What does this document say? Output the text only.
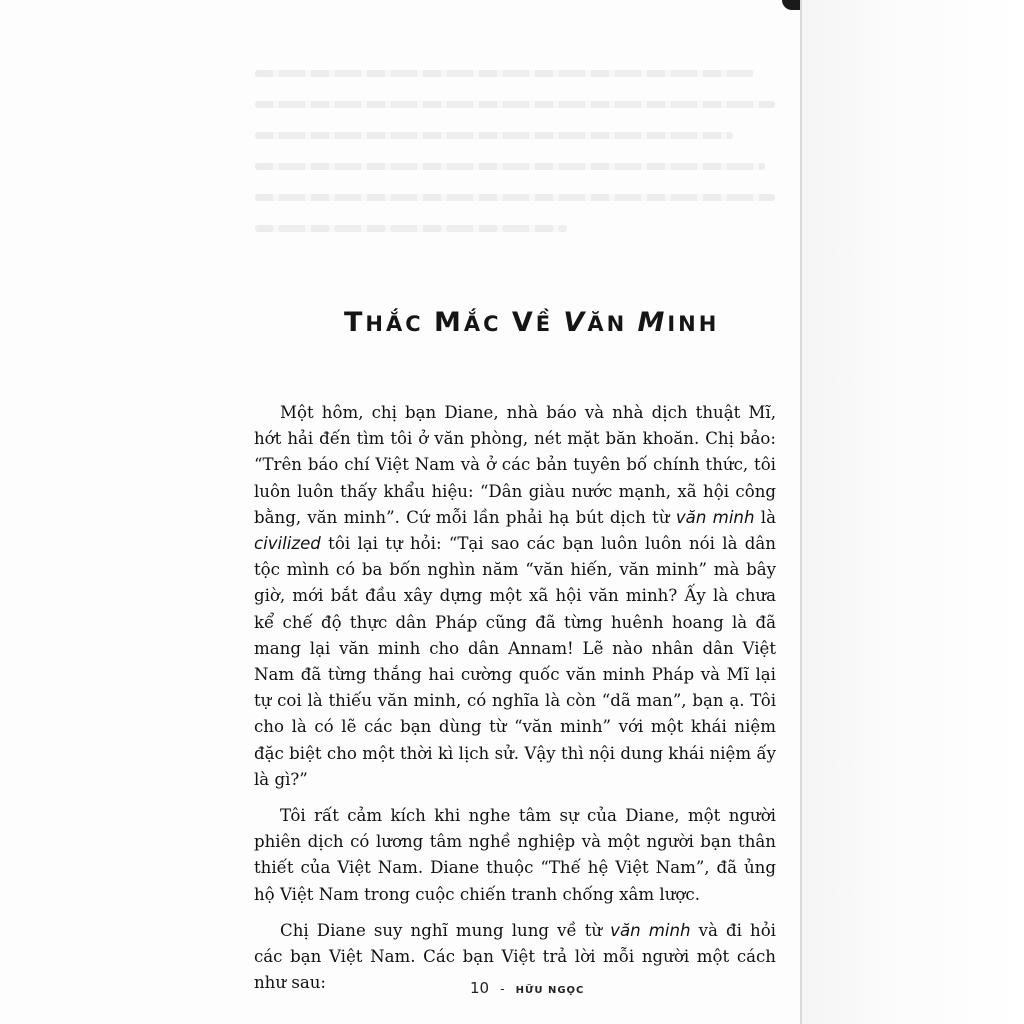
THẮC MẮC VỀ VĂN MINH

Một hôm, chị bạn Diane, nhà báo và nhà dịch thuật Mĩ, hớt hải đến tìm tôi ở văn phòng, nét mặt băn khoăn. Chị bảo: “Trên báo chí Việt Nam và ở các bản tuyên bố chính thức, tôi luôn luôn thấy khẩu hiệu: “Dân giàu nước mạnh, xã hội công bằng, văn minh”. Cứ mỗi lần phải hạ bút dịch từ văn minh là civilized tôi lại tự hỏi: “Tại sao các bạn luôn luôn nói là dân tộc mình có ba bốn nghìn năm “văn hiến, văn minh” mà bây giờ, mới bắt đầu xây dựng một xã hội văn minh? Ấy là chưa kể chế độ thực dân Pháp cũng đã từng huênh hoang là đã mang lại văn minh cho dân Annam! Lẽ nào nhân dân Việt Nam đã từng thắng hai cường quốc văn minh Pháp và Mĩ lại tự coi là thiếu văn minh, có nghĩa là còn “dã man”, bạn ạ. Tôi cho là có lẽ các bạn dùng từ “văn minh” với một khái niệm đặc biệt cho một thời kì lịch sử. Vậy thì nội dung khái niệm ấy là gì?”

Tôi rất cảm kích khi nghe tâm sự của Diane, một người phiên dịch có lương tâm nghề nghiệp và một người bạn thân thiết của Việt Nam. Diane thuộc “Thế hệ Việt Nam”, đã ủng hộ Việt Nam trong cuộc chiến tranh chống xâm lược.

Chị Diane suy nghĩ mung lung về từ văn minh và đi hỏi các bạn Việt Nam. Các bạn Việt trả lời mỗi người một cách như sau:	10 - HỮU NGỌC
